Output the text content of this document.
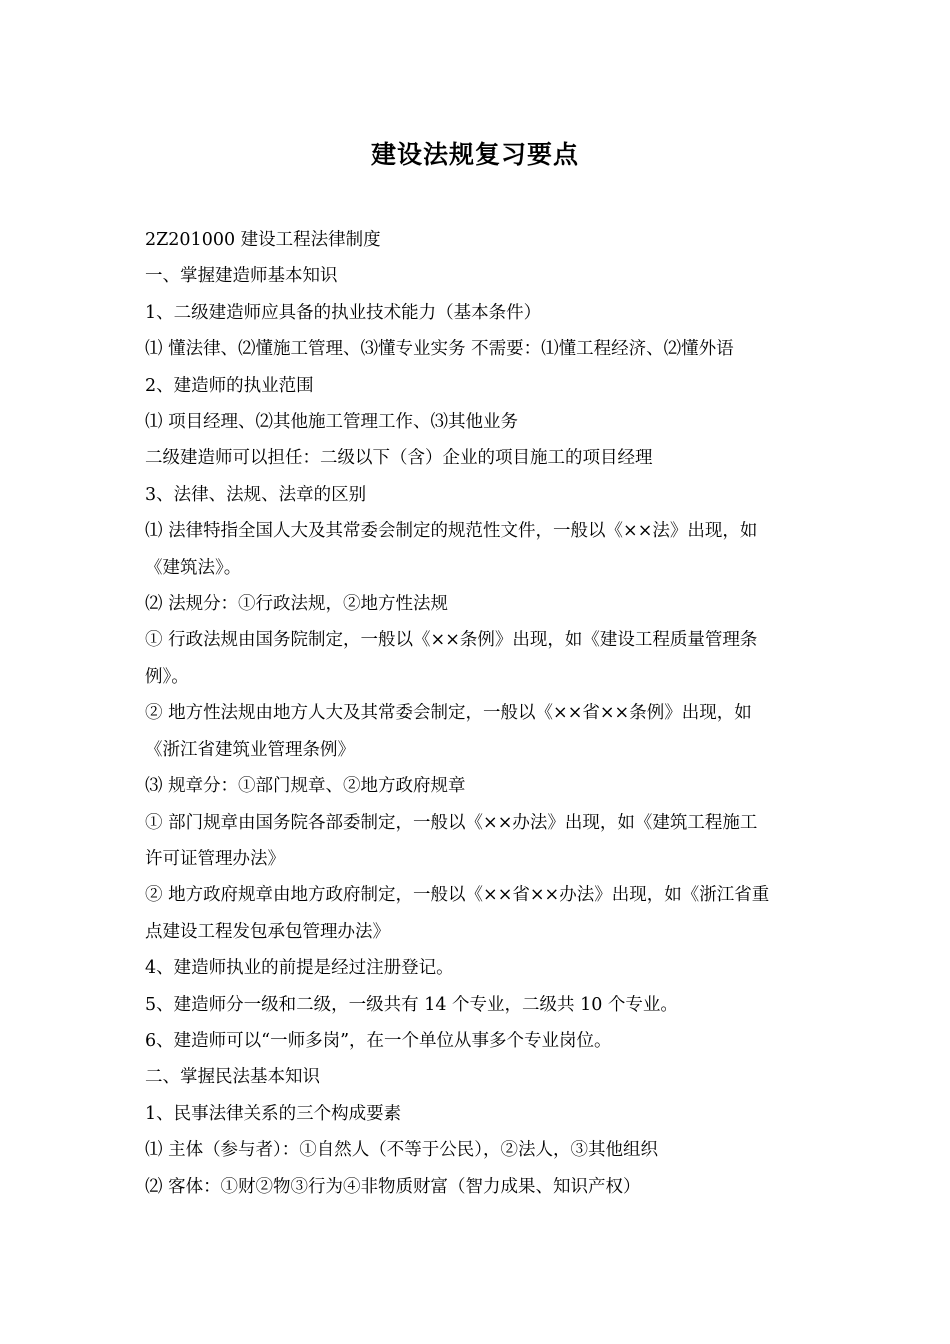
建设法规复习要点
2Z201000 建设工程法律制度
一、掌握建造师基本知识
1、二级建造师应具备的执业技术能力（基本条件）
⑴ 懂法律、⑵懂施工管理、⑶懂专业实务 不需要：⑴懂工程经济、⑵懂外语
2、建造师的执业范围
⑴ 项目经理、⑵其他施工管理工作、⑶其他业务
二级建造师可以担任：二级以下（含）企业的项目施工的项目经理
3、法律、法规、法章的区别
⑴ 法律特指全国人大及其常委会制定的规范性文件，一般以《××法》出现，如
《建筑法》。
⑵ 法规分：①行政法规，②地方性法规
① 行政法规由国务院制定，一般以《××条例》出现，如《建设工程质量管理条
例》。
② 地方性法规由地方人大及其常委会制定，一般以《××省××条例》出现，如
《浙江省建筑业管理条例》
⑶ 规章分：①部门规章、②地方政府规章
① 部门规章由国务院各部委制定，一般以《××办法》出现，如《建筑工程施工
许可证管理办法》
② 地方政府规章由地方政府制定，一般以《××省××办法》出现，如《浙江省重
点建设工程发包承包管理办法》
4、建造师执业的前提是经过注册登记。
5、建造师分一级和二级，一级共有 14 个专业，二级共 10 个专业。
6、建造师可以“一师多岗”，在一个单位从事多个专业岗位。
二、掌握民法基本知识
1、民事法律关系的三个构成要素
⑴ 主体（参与者）：①自然人（不等于公民），②法人，③其他组织
⑵ 客体：①财②物③行为④非物质财富（智力成果、知识产权）
